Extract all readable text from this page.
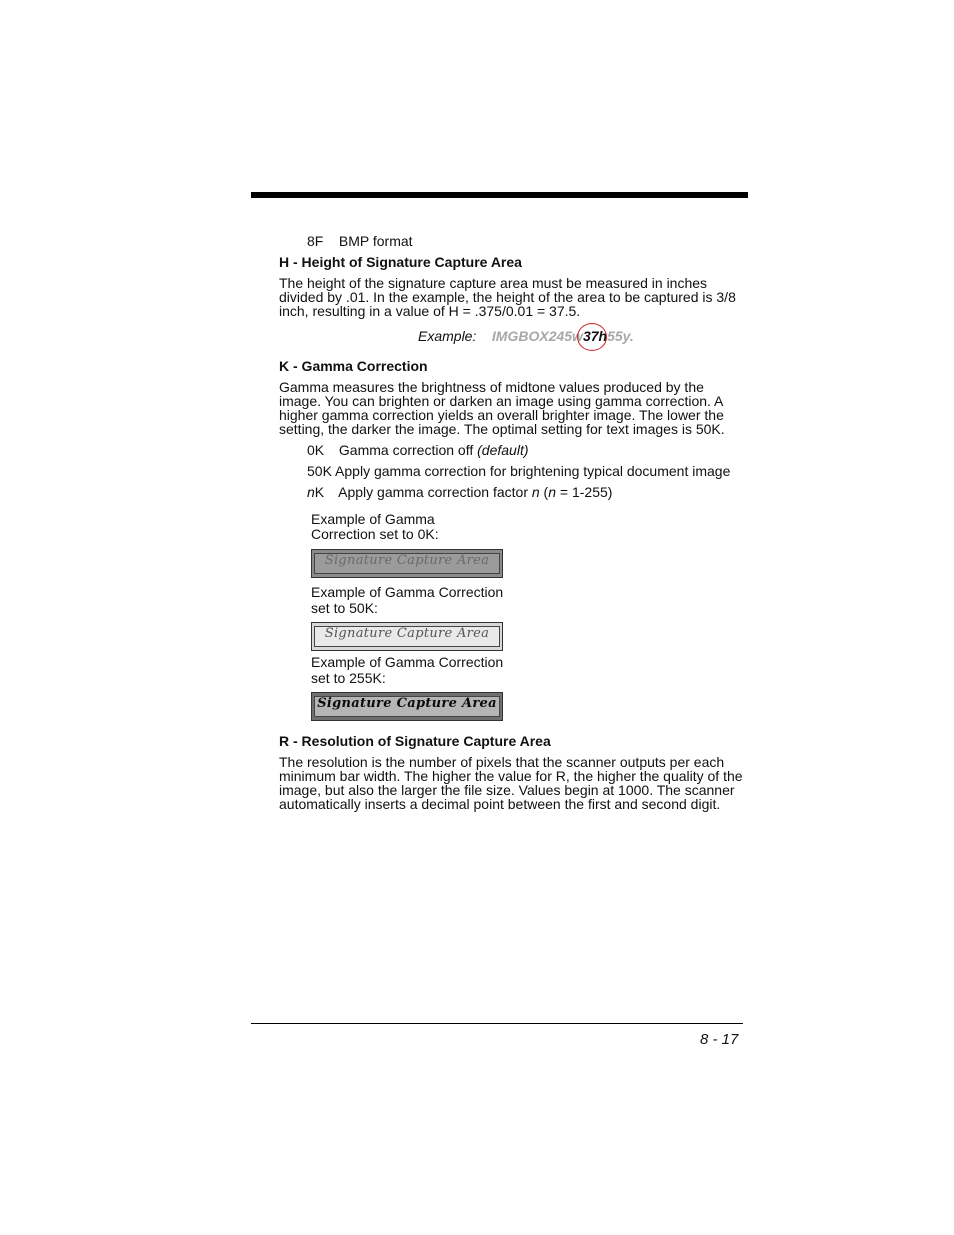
8F BMP format
H - Height of Signature Capture Area
The height of the signature capture area must be measured in inches
divided by .01. In the example, the height of the area to be captured is 3/8
inch, resulting in a value of H = .375/0.01 = 37.5.
Example: IMGBOX245w37h55y.
K - Gamma Correction
Gamma measures the brightness of midtone values produced by the
image. You can brighten or darken an image using gamma correction. A
higher gamma correction yields an overall brighter image. The lower the
setting, the darker the image. The optimal setting for text images is 50K.
0K Gamma correction off (default)
50K Apply gamma correction for brightening typical document image
nK Apply gamma correction factor n (n = 1-255)
Example of Gamma
Correction set to 0K:
Signature Capture Area
Example of Gamma Correction
set to 50K:
Signature Capture Area
Example of Gamma Correction
set to 255K:
Signature Capture Area
R - Resolution of Signature Capture Area
The resolution is the number of pixels that the scanner outputs per each
minimum bar width. The higher the value for R, the higher the quality of the
image, but also the larger the file size. Values begin at 1000. The scanner
automatically inserts a decimal point between the first and second digit.
8 - 17
